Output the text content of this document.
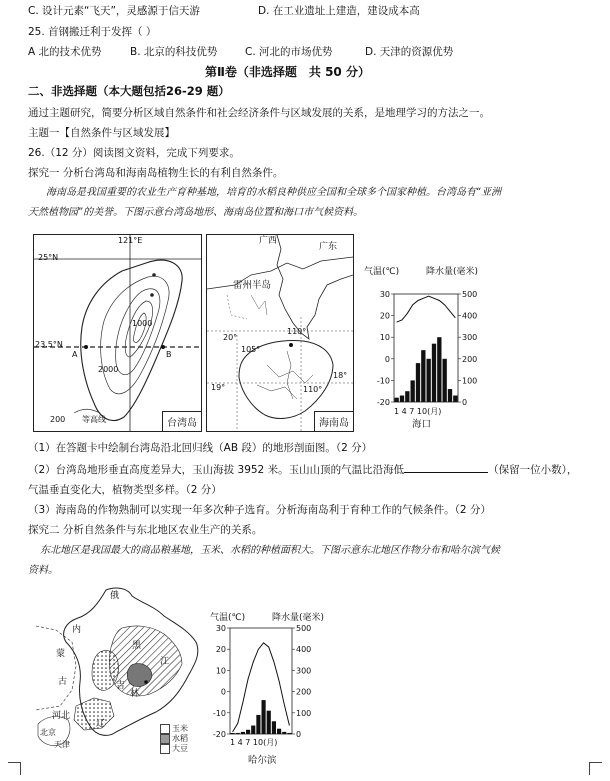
C. 设计元素“飞天”，灵感源于信天游	D. 在工业遗址上建造，建设成本高
25. 首钢搬迁利于发挥（ ）
A 北的技术优势	B. 北京的科技优势	C. 河北的市场优势	D. 天津的资源优势
第Ⅱ卷（非选择题　共 50 分）
二、非选择题（本大题包括26-29 题）
通过主题研究，简要分析区域自然条件和社会经济条件与区域发展的关系，是地理学习的方法之一。
主题一【自然条件与区域发展】
26.（12 分）阅读图文资料，完成下列要求。
探究一 分析台湾岛和海南岛植物生长的有利自然条件。
海南岛是我国重要的农业生产育种基地，培育的水稻良种供应全国和全球多个国家种植。台湾岛有“亚洲
天然植物园”的美誉。下图示意台湾岛地形、海南岛位置和海口市气候资料。
121°E
25°N
23.5°N
A	B
1000
2000
200 等高线	台湾岛
广西
广东
雷州半岛
110°
20°
105°
19°	110°
18°
海南岛
气温(℃)	降水量(毫米)
30
20
10
0
-10
-20
500
400
300
200
100
0
1 4 7 10(月)
海口
（1）在答题卡中绘制台湾岛沿北回归线（AB 段）的地形剖面图。（2 分）
（2）台湾岛地形垂直高度差异大，玉山海拔 3952 米。玉山山顶的气温比沿海低	（保留一位小数），
气温垂直变化大，植物类型多样。（2 分）
（3）海南岛的作物熟制可以实现一年多次种子选育。分析海南岛利于育种工作的气候条件。（2 分）
探究二 分析自然条件与东北地区农业生产的关系。
东北地区是我国最大的商品粮基地，玉米、水稻的种植面积大。下图示意东北地区作物分布和哈尔滨气候
资料。
俄
内
蒙
古
黑
江
吉
林
河北
辽
北京
天津
玉米
水稻
大豆
气温(℃)	降水量(毫米)
30
20
10
0
-10
-20
500
400
300
200
100
0
1 4 7 10(月)
哈尔滨
